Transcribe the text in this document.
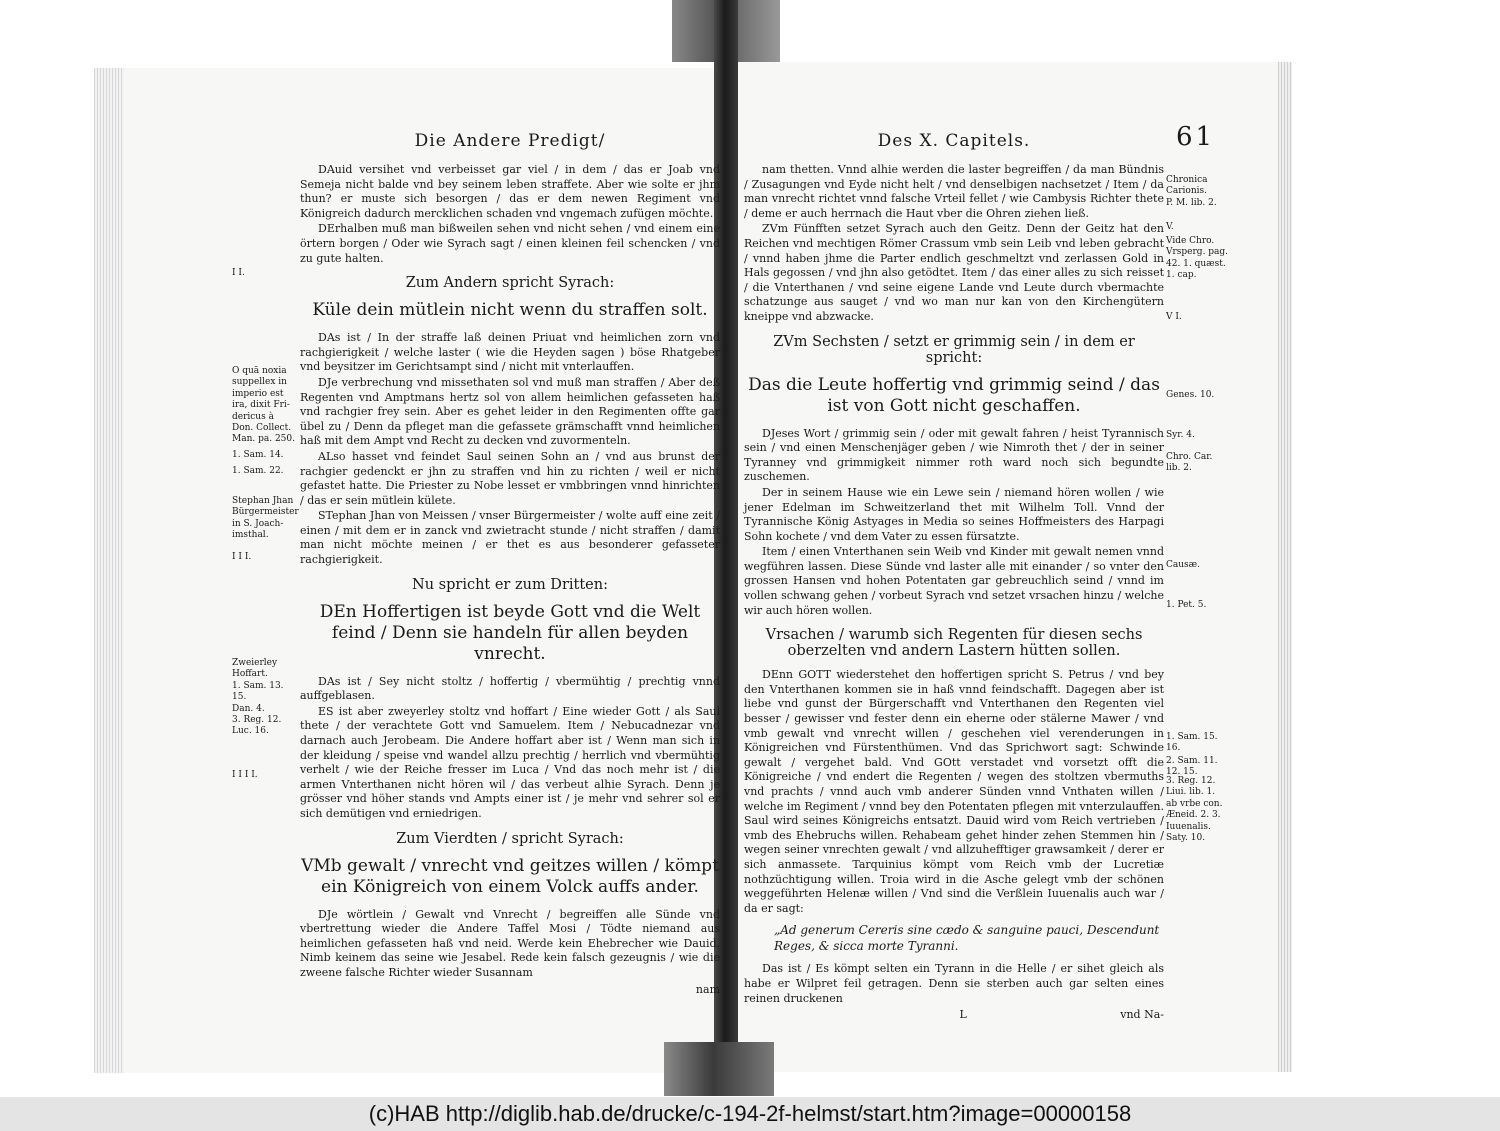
Die Andere Predigt/
DAuid versihet vnd verbeisset gar viel / in dem / das er Joab vnd Semeja nicht balde vnd bey seinem leben straffete. Aber wie solte er jhm thun? er muste sich besorgen / das er dem newen Regiment vnd Königreich dadurch mercklichen schaden vnd vngemach zufügen möchte.
DErhalben muß man bißweilen sehen vnd nicht sehen / vnd einem eine örtern borgen / Oder wie Syrach sagt / einen kleinen feil schencken / vnd zu gute halten.
Zum Andern spricht Syrach:
Küle dein mütlein nicht wenn du straffen solt.
DAs ist / In der straffe laß deinen Priuat vnd heimlichen zorn vnd rachgierigkeit / welche laster ( wie die Heyden sagen ) böse Rhatgeber vnd beysitzer im Gerichtsampt sind / nicht mit vnterlauffen.
DJe verbrechung vnd missethaten sol vnd muß man straffen / Aber deß Regenten vnd Amptmans hertz sol von allem heimlichen gefasseten haß vnd rachgier frey sein. Aber es gehet leider in den Regimenten offte gar übel zu / Denn da pfleget man die gefassete grämschafft vnnd heimlichen haß mit dem Ampt vnd Recht zu decken vnd zuvormenteln.
ALso hasset vnd feindet Saul seinen Sohn an / vnd aus brunst der rachgier gedenckt er jhn zu straffen vnd hin zu richten / weil er nicht gefastet hatte. Die Priester zu Nobe lesset er vmbbringen vnnd hinrichten / das er sein mütlein külete.
STephan Jhan von Meissen / vnser Bürgermeister / wolte auff eine zeit / einen / mit dem er in zanck vnd zwietracht stunde / nicht straffen / damit man nicht möchte meinen / er thet es aus besonderer gefasseter rachgierigkeit.
Nu spricht er zum Dritten:
DEn Hoffertigen ist beyde Gott vnd die Welt feind / Denn sie handeln für allen beyden vnrecht.
DAs ist / Sey nicht stoltz / hoffertig / vbermühtig / prechtig vnnd auffgeblasen.
ES ist aber zweyerley stoltz vnd hoffart / Eine wieder Gott / als Saul thete / der verachtete Gott vnd Samuelem. Item / Nebucadnezar vnd darnach auch Jerobeam. Die Andere hoffart aber ist / Wenn man sich in der kleidung / speise vnd wandel allzu prechtig / herrlich vnd vbermühtig verhelt / wie der Reiche fresser im Luca / Vnd das noch mehr ist / die armen Vnterthanen nicht hören wil / das verbeut alhie Syrach. Denn je grösser vnd höher stands vnd Ampts einer ist / je mehr vnd sehrer sol er sich demütigen vnd erniedrigen.
Zum Vierdten / spricht Syrach:
VMb gewalt / vnrecht vnd geitzes willen / kömpt ein Königreich von einem Volck auffs ander.
DJe wörtlein / Gewalt vnd Vnrecht / begreiffen alle Sünde vnd vbertrettung wieder die Andere Taffel Mosi / Tödte niemand aus heimlichen gefasseten haß vnd neid. Werde kein Ehebrecher wie Dauid. Nimb keinem das seine wie Jesabel. Rede kein falsch gezeugnis / wie die zweene falsche Richter wieder Susannam
nam
I I.
O quā noxia
suppellex in
imperio est
ira, dixit Fri-
dericus à
Don. Collect.
Man. pa. 250.
1. Sam. 14.
1. Sam. 22.
Stephan Jhan
Bürgermeister
in S. Joach-
imsthal.
I I I.
Zweierley
Hoffart.
1. Sam. 13.
15.
Dan. 4.
3. Reg. 12.
Luc. 16.
I I I I.
61
Des X. Capitels.
nam thetten. Vnnd alhie werden die laster begreiffen / da man Bündnis / Zusagungen vnd Eyde nicht helt / vnd denselbigen nachsetzet / Item / da man vnrecht richtet vnnd falsche Vrteil fellet / wie Cambysis Richter thete / deme er auch herrnach die Haut vber die Ohren ziehen ließ.
ZVm Fünfften setzet Syrach auch den Geitz. Denn der Geitz hat den Reichen vnd mechtigen Römer Crassum vmb sein Leib vnd leben gebracht / vnnd haben jhme die Parter endlich geschmeltzt vnd zerlassen Gold in Hals gegossen / vnd jhn also getödtet. Item / das einer alles zu sich reisset / die Vnterthanen / vnd seine eigene Lande vnd Leute durch vbermachte schatzunge aus sauget / vnd wo man nur kan von den Kirchengütern kneippe vnd abzwacke.
ZVm Sechsten / setzt er grimmig sein / in dem er spricht:
Das die Leute hoffertig vnd grimmig seind / das ist von Gott nicht geschaffen.
DJeses Wort / grimmig sein / oder mit gewalt fahren / heist Tyrannisch sein / vnd einen Menschenjäger geben / wie Nimroth thet / der in seiner Tyranney vnd grimmigkeit nimmer roth ward noch sich begundte zuschemen.
Der in seinem Hause wie ein Lewe sein / niemand hören wollen / wie jener Edelman im Schweitzerland thet mit Wilhelm Toll. Vnnd der Tyrannische König Astyages in Media so seines Hoffmeisters des Harpagi Sohn kochete / vnd dem Vater zu essen fürsatzte.
Item / einen Vnterthanen sein Weib vnd Kinder mit gewalt nemen vnnd wegführen lassen. Diese Sünde vnd laster alle mit einander / so vnter den grossen Hansen vnd hohen Potentaten gar gebreuchlich seind / vnnd im vollen schwang gehen / vorbeut Syrach vnd setzet vrsachen hinzu / welche wir auch hören wollen.
Vrsachen / warumb sich Regenten für diesen sechs oberzelten vnd andern Lastern hütten sollen.
DEnn GOTT wiederstehet den hoffertigen spricht S. Petrus / vnd bey den Vnterthanen kommen sie in haß vnnd feindschafft. Dagegen aber ist liebe vnd gunst der Bürgerschafft vnd Vnterthanen den Regenten viel besser / gewisser vnd fester denn ein eherne oder stälerne Mawer / vnd vmb gewalt vnd vnrecht willen / geschehen viel verenderungen in Königreichen vnd Fürstenthümen. Vnd das Sprichwort sagt: Schwinde gewalt / vergehet bald. Vnd GOtt verstadet vnd vorsetzt offt die Königreiche / vnd endert die Regenten / wegen des stoltzen vbermuths vnd prachts / vnnd auch vmb anderer Sünden vnnd Vnthaten willen / welche im Regiment / vnnd bey den Potentaten pflegen mit vnterzulauffen. Saul wird seines Königreichs entsatzt. Dauid wird vom Reich vertrieben / vmb des Ehebruchs willen. Rehabeam gehet hinder zehen Stemmen hin / wegen seiner vnrechten gewalt / vnd allzuhefftiger grawsamkeit / derer er sich anmassete. Tarquinius kömpt vom Reich vmb der Lucretiæ nothzüchtigung willen. Troia wird in die Asche gelegt vmb der schönen weggeführten Helenæ willen / Vnd sind die Verßlein Iuuenalis auch war / da er sagt:
„Ad generum Cereris sine cædo & sanguine pauci, Descendunt Reges, & sicca morte Tyranni.
Das ist / Es kömpt selten ein Tyrann in die Helle / er sihet gleich als habe er Wilpret feil getragen. Denn sie sterben auch gar selten eines reinen druckenen
L	vnd Na-
Chronica
Carionis.
P. M. lib. 2.
V.
Vide Chro.
Vrsperg. pag.
42. 1. quæst.
1. cap.
V I.
Genes. 10.
Syr. 4.
Chro. Car.
lib. 2.
Causæ.
1. Pet. 5.
1. Sam. 15.
16.
2. Sam. 11.
12. 15.
3. Reg. 12.
Liui. lib. 1.
ab vrbe con.
Æneid. 2. 3.
Iuuenalis.
Saty. 10.
(c)HAB http://diglib.hab.de/drucke/c-194-2f-helmst/start.htm?image=00000158
